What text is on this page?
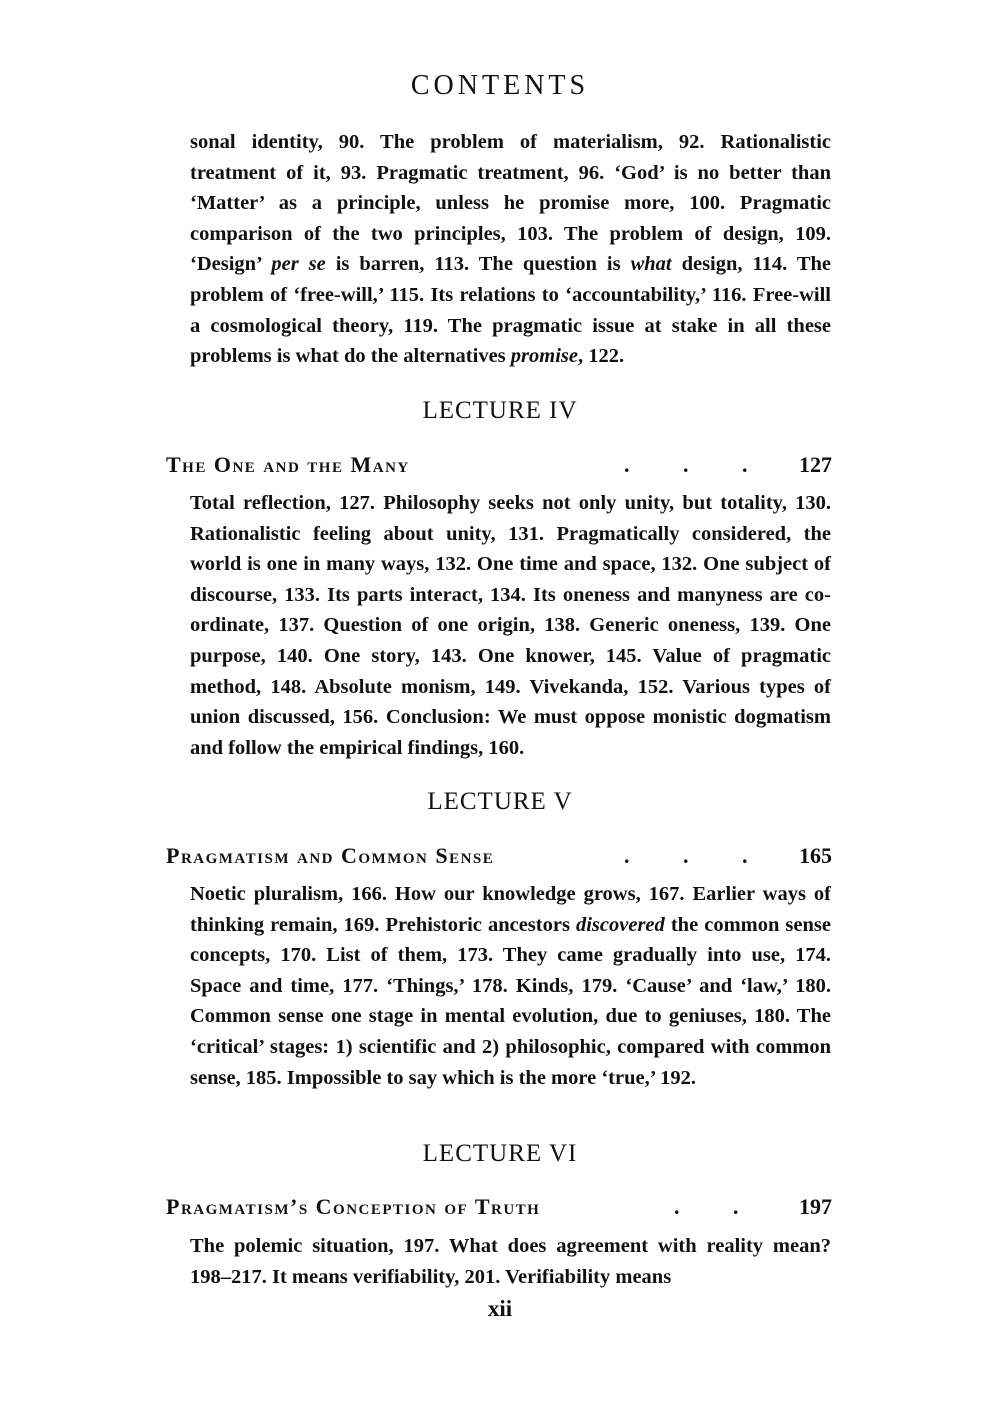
CONTENTS

sonal identity, 90. The problem of materialism, 92. Rationalistic treatment of it, 93. Pragmatic treatment, 96. ‘God’ is no better than ‘Matter’ as a principle, unless he promise more, 100. Pragmatic comparison of the two principles, 103. The problem of design, 109. ‘Design’ per se is barren, 113. The question is what design, 114. The problem of ‘free-will,’ 115. Its relations to ‘accountability,’ 116. Free-will a cosmological theory, 119. The pragmatic issue at stake in all these problems is what do the alternatives promise, 122.

LECTURE IV
The One and the Many	. . . 127

Total reflection, 127. Philosophy seeks not only unity, but totality, 130. Rationalistic feeling about unity, 131. Pragmatically considered, the world is one in many ways, 132. One time and space, 132. One subject of discourse, 133. Its parts interact, 134. Its oneness and manyness are co-ordinate, 137. Question of one origin, 138. Generic oneness, 139. One purpose, 140. One story, 143. One knower, 145. Value of pragmatic method, 148. Absolute monism, 149. Vivekanda, 152. Various types of union discussed, 156. Conclusion: We must oppose monistic dogmatism and follow the empirical findings, 160.

LECTURE V
Pragmatism and Common Sense	. . . 165

Noetic pluralism, 166. How our knowledge grows, 167. Earlier ways of thinking remain, 169. Prehistoric ancestors discovered the common sense concepts, 170. List of them, 173. They came gradually into use, 174. Space and time, 177. ‘Things,’ 178. Kinds, 179. ‘Cause’ and ‘law,’ 180. Common sense one stage in mental evolution, due to geniuses, 180. The ‘critical’ stages: 1) scientific and 2) philosophic, compared with common sense, 185. Impossible to say which is the more ‘true,’ 192.

LECTURE VI
Pragmatism’s Conception of Truth	. . 197

The polemic situation, 197. What does agreement with reality mean? 198–217. It means verifiability, 201. Verifiability means

xii
